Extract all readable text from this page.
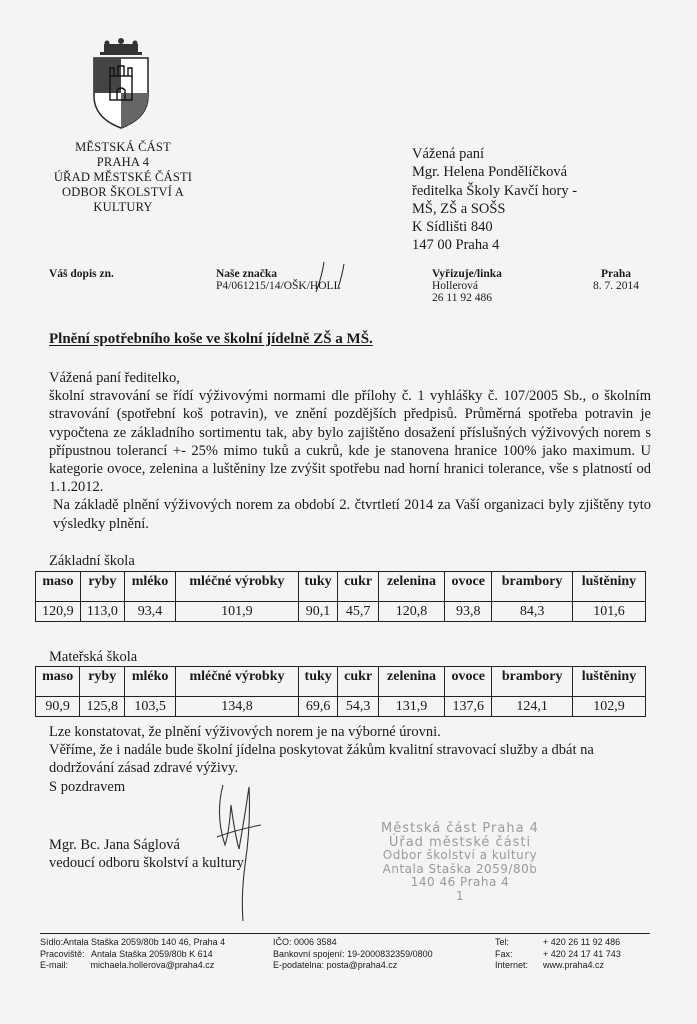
MĚSTSKÁ ČÁST
PRAHA 4
ÚŘAD MĚSTSKÉ ČÁSTI
ODBOR ŠKOLSTVÍ A
KULTURY
Vážená paní
Mgr. Helena Pondělíčková
ředitelka Školy Kavčí hory -
MŠ, ZŠ a SOŠS
K Sídlišti 840
147 00 Praha 4
Váš dopis zn.	Naše značka
P4/061215/14/OŠK/HOLL
Vyřizuje/linka
Hollerová
26 11 92 486
Praha
8. 7. 2014
Plnění spotřebního koše ve školní jídelně ZŠ a MŠ.

Vážená paní ředitelko,

školní stravování se řídí výživovými normami dle přílohy č. 1 vyhlášky č. 107/2005 Sb., o školním stravování (spotřební koš potravin), ve znění pozdějších předpisů. Průměrná spotřeba potravin je vypočtena ze základního sortimentu tak, aby bylo zajištěno dosažení příslušných výživových norem s přípustnou tolerancí +- 25% mimo tuků a cukrů, kde je stanovena hranice 100% jako maximum. U kategorie ovoce, zelenina a luštěniny lze zvýšit spotřebu nad horní hranici tolerance, vše s platností od 1.1.2012.

Na základě plnění výživových norem za období 2. čtvrtletí 2014 za Vaší organizaci byly zjištěny tyto výsledky plnění.

Základní škola
maso	ryby	mléko	mléčné výrobky	tuky	cukr	zelenina	ovoce	brambory	luštěniny
120,9	113,0	93,4	101,9	90,1	45,7	120,8	93,8	84,3	101,6
Mateřská škola
maso	ryby	mléko	mléčné výrobky	tuky	cukr	zelenina	ovoce	brambory	luštěniny
90,9	125,8	103,5	134,8	69,6	54,3	131,9	137,6	124,1	102,9

Lze konstatovat, že plnění výživových norem je na výborné úrovni.

Věříme, že i nadále bude školní jídelna poskytovat žákům kvalitní stravovací služby a dbát na dodržování zásad zdravé výživy.

S pozdravem

Mgr. Bc. Jana Ságlová
vedoucí odboru školství a kultury
Městská část Praha 4
Úřad městské části
Odbor školství a kultury
Antala Staška 2059/80b
140 46 Praha 4
1
Sídlo:Antala Staška 2059/80b 140 46, Praha 4
Pracoviště: Antala Staška 2059/80b K 614
E-mail:	michaela.hollerova@praha4.cz
IČO: 0006 3584
Bankovní spojení: 19-2000832359/0800
E-podatelna: posta@praha4.cz
Tel:	+ 420 26 11 92 486
Fax:	+ 420 24 17 41 743
Internet: www.praha4.cz
